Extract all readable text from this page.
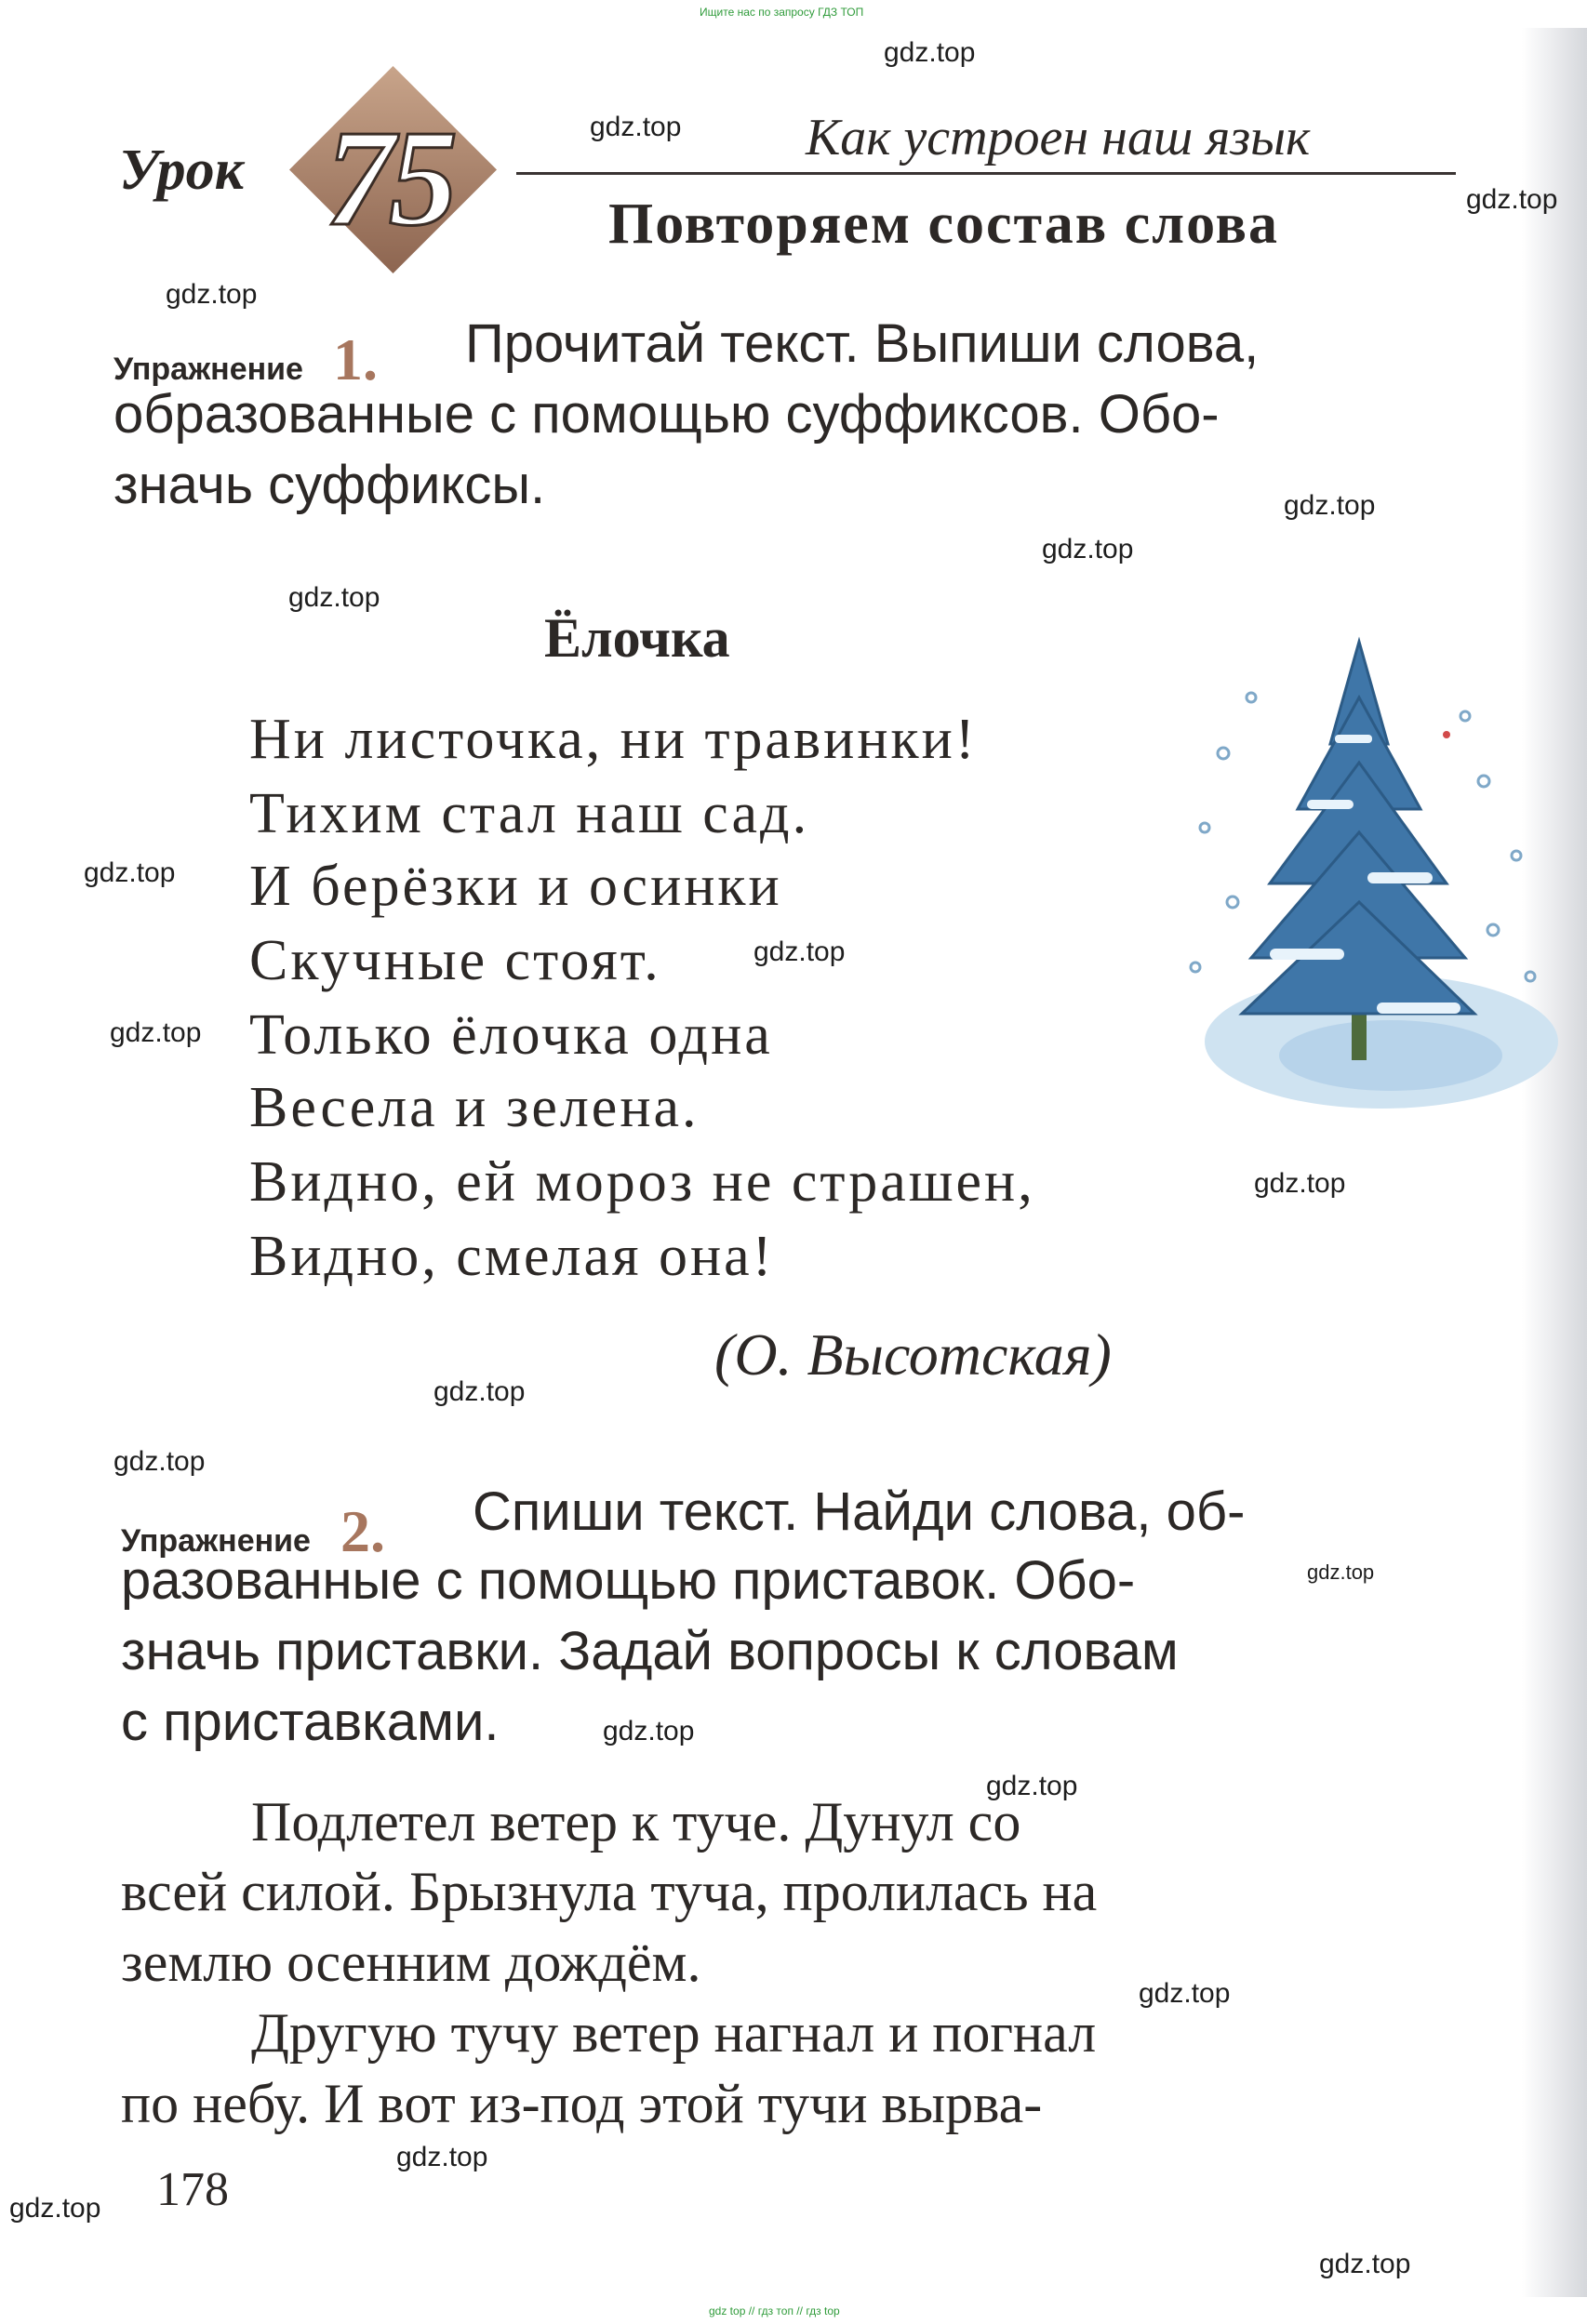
Ищите нас по запросу ГДЗ ТОП
Урок 75	Как устроен наш язык
Повторяем состав слова
Упражнение 1. Прочитай текст. Выпиши слова,
образованные с помощью суффиксов. Обо-
значь суффиксы.
Ёлочка
Ни листочка, ни травинки!
Тихим стал наш сад.
И берёзки и осинки
Скучные стоят.
Только ёлочка одна
Весела и зелена.
Видно, ей мороз не страшен,
Видно, смелая она!
(О. Высотская)
Упражнение 2. Спиши текст. Найди слова, об-
разованные с помощью приставок. Обо-
значь приставки. Задай вопросы к словам
с приставками.
Подлетел ветер к туче. Дунул со
всей силой. Брызнула туча, пролилась на
землю осенним дождём.
Другую тучу ветер нагнал и погнал
по небу. И вот из-под этой тучи вырва-
178
gdz.top
gdz.top
gdz.top
gdz.top
gdz.top
gdz.top
gdz.top
gdz.top
gdz.top
gdz.top
gdz.top
gdz.top
gdz.top
gdz.top
gdz.top
gdz.top
gdz.top
gdz.top
gdz.top
gdz.top
gdz top // гдз топ // гдз top
